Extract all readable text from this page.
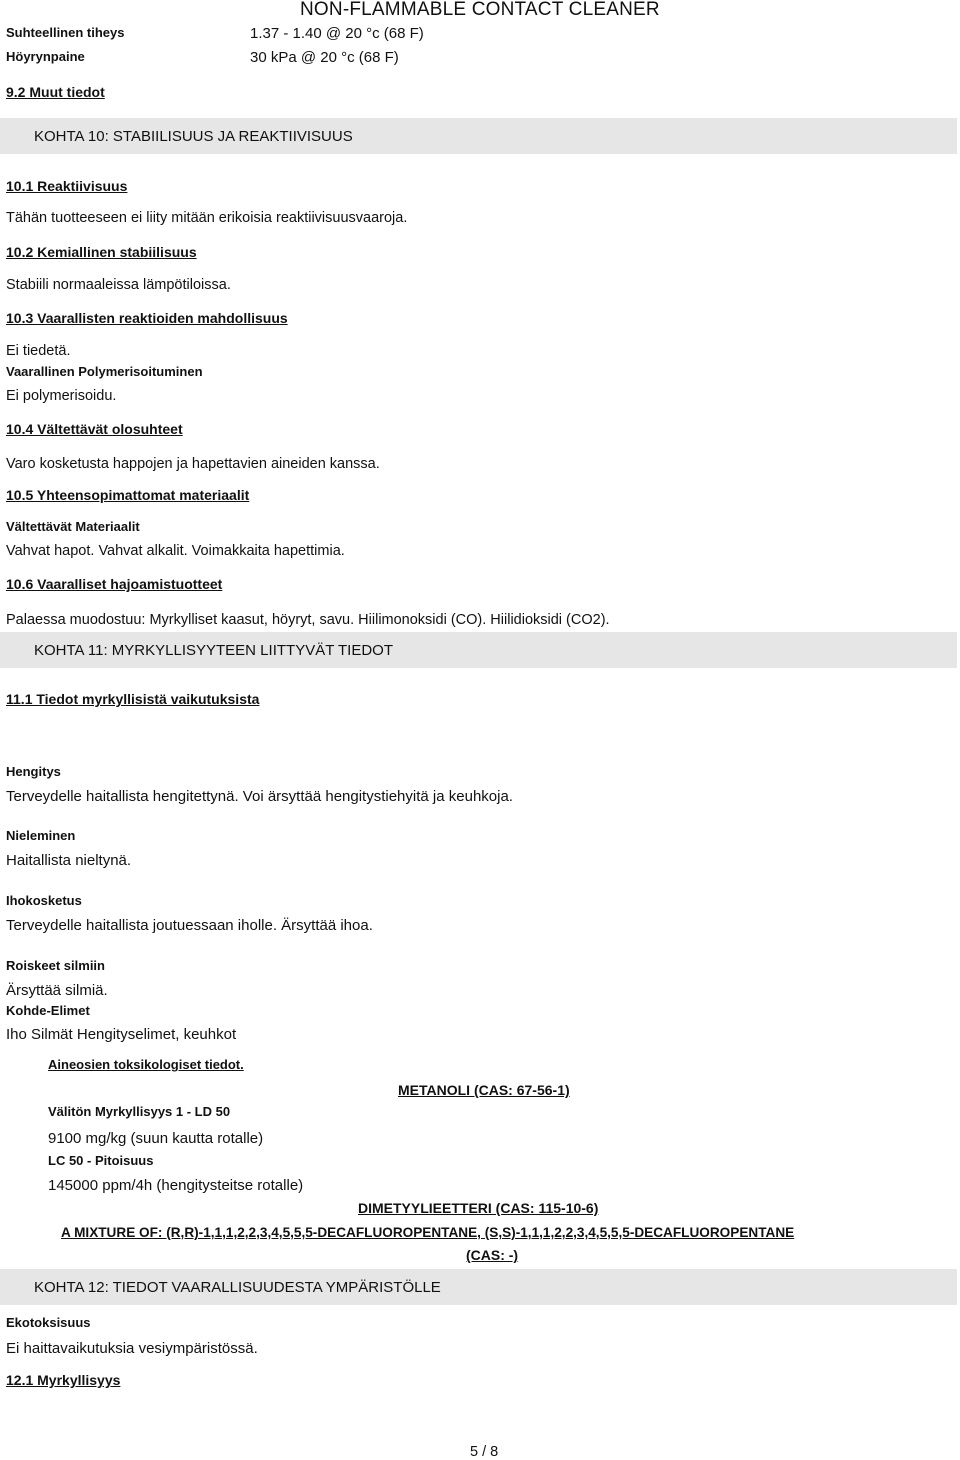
NON-FLAMMABLE CONTACT CLEANER
Suhteellinen tiheys	1.37 - 1.40 @ 20 °c (68 F)
Höyrynpaine	30 kPa @ 20 °c (68 F)
9.2 Muut tiedot
KOHTA 10: STABIILISUUS JA REAKTIIVISUUS
10.1 Reaktiivisuus
Tähän tuotteeseen ei liity mitään erikoisia reaktiivisuusvaaroja.
10.2 Kemiallinen stabiilisuus
Stabiili normaaleissa lämpötiloissa.
10.3 Vaarallisten reaktioiden mahdollisuus
Ei tiedetä.
Vaarallinen Polymerisoituminen
Ei polymerisoidu.
10.4 Vältettävät olosuhteet
Varo kosketusta happojen ja hapettavien aineiden kanssa.
10.5 Yhteensopimattomat materiaalit
Vältettävät Materiaalit
Vahvat hapot. Vahvat alkalit. Voimakkaita hapettimia.
10.6 Vaaralliset hajoamistuotteet
Palaessa muodostuu: Myrkylliset kaasut, höyryt, savu. Hiilimonoksidi (CO). Hiilidioksidi (CO2).
KOHTA 11: MYRKYLLISYYTEEN LIITTYVÄT TIEDOT
11.1 Tiedot myrkyllisistä vaikutuksista
Hengitys
Terveydelle haitallista hengitettynä. Voi ärsyttää hengitystiehyitä ja keuhkoja.
Nieleminen
Haitallista nieltynä.
Ihokosketus
Terveydelle haitallista joutuessaan iholle. Ärsyttää ihoa.
Roiskeet silmiin
Ärsyttää silmiä.
Kohde-Elimet
Iho Silmät Hengityselimet, keuhkot
Aineosien toksikologiset tiedot.
METANOLI (CAS: 67-56-1)
Välitön Myrkyllisyys 1 - LD 50
9100 mg/kg (suun kautta rotalle)
LC 50 - Pitoisuus
145000 ppm/4h (hengitysteitse rotalle)
DIMETYYLIEETTERI (CAS: 115-10-6)
A MIXTURE OF: (R,R)-1,1,1,2,2,3,4,5,5,5-DECAFLUOROPENTANE, (S,S)-1,1,1,2,2,3,4,5,5,5-DECAFLUOROPENTANE
(CAS: -)
KOHTA 12: TIEDOT VAARALLISUUDESTA YMPÄRISTÖLLE
Ekotoksisuus
Ei haittavaikutuksia vesiympäristössä.
12.1 Myrkyllisyys
5 / 8
